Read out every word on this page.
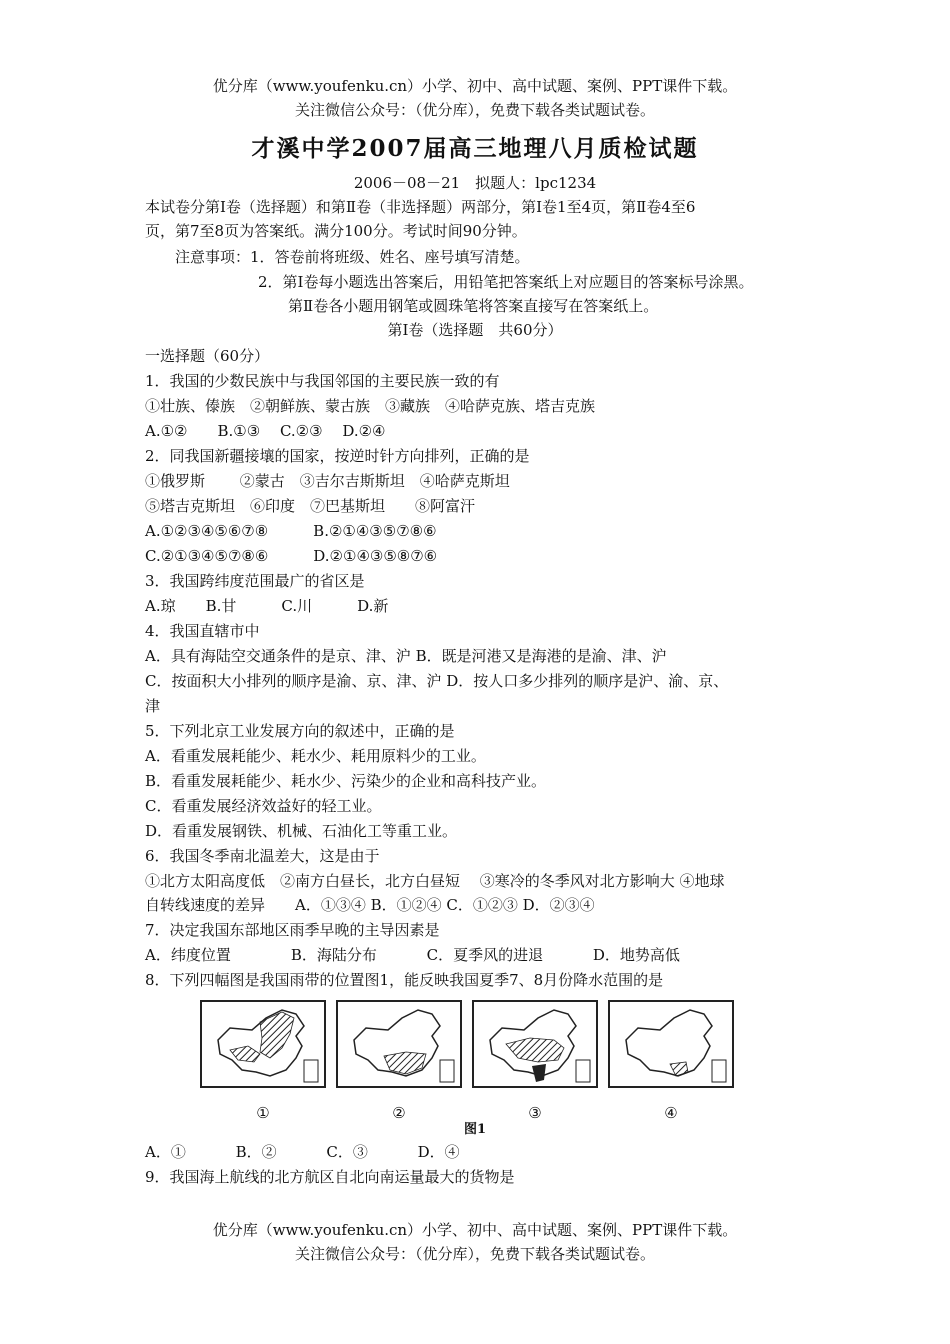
优分库（www.youfenku.cn）小学、初中、高中试题、案例、PPT课件下载。
关注微信公众号：（优分库），免费下载各类试题试卷。
才溪中学2007届高三地理八月质检试题
2006－08－21　拟题人：lpc1234
本试卷分第Ⅰ卷（选择题）和第Ⅱ卷（非选择题）两部分，第Ⅰ卷1至4页，第Ⅱ卷4至6
页，第7至8页为答案纸。满分100分。考试时间90分钟。
注意事项：1．答卷前将班级、姓名、座号填写清楚。
2．第Ⅰ卷每小题选出答案后，用铅笔把答案纸上对应题目的答案标号涂黑。
第Ⅱ卷各小题用钢笔或圆珠笔将答案直接写在答案纸上。
第Ⅰ卷（选择题　共60分）
一选择题（60分）
1．我国的少数民族中与我国邻国的主要民族一致的有
①壮族、傣族　②朝鲜族、蒙古族　③藏族　④哈萨克族、塔吉克族
A.①②　　B.①③　 C.②③　 D.②④
2．同我国新疆接壤的国家，按逆时针方向排列，正确的是
①俄罗斯　　 ②蒙古　③吉尔吉斯斯坦　④哈萨克斯坦
⑤塔吉克斯坦　⑥印度　⑦巴基斯坦　　⑧阿富汗
A.①②③④⑤⑥⑦⑧　　　B.②①④③⑤⑦⑧⑥
C.②①③④⑤⑦⑧⑥　　　D.②①④③⑤⑧⑦⑥
3．我国跨纬度范围最广的省区是
A.琼　　B.甘　　　C.川　　　D.新
4．我国直辖市中
A．具有海陆空交通条件的是京、津、沪 B．既是河港又是海港的是渝、津、沪
C．按面积大小排列的顺序是渝、京、津、沪 D．按人口多少排列的顺序是沪、渝、京、
津
5．下列北京工业发展方向的叙述中，正确的是
A．看重发展耗能少、耗水少、耗用原料少的工业。
B．看重发展耗能少、耗水少、污染少的企业和高科技产业。
C．看重发展经济效益好的轻工业。
D．看重发展钢铁、机械、石油化工等重工业。
6．我国冬季南北温差大，这是由于
①北方太阳高度低　②南方白昼长，北方白昼短　 ③寒冷的冬季风对北方影响大 ④地球
自转线速度的差异　　A．①③④ B．①②④ C．①②③ D．②③④
7．决定我国东部地区雨季早晚的主导因素是
A．纬度位置　　　　B．海陆分布　　　 C．夏季风的进退　　　 D．地势高低
8．下列四幅图是我国雨带的位置图1，能反映我国夏季7、8月份降水范围的是
①	②	③	④
图1
A．①　　　 B．②　　　 C．③　　　 D．④
9．我国海上航线的北方航区自北向南运量最大的货物是
优分库（www.youfenku.cn）小学、初中、高中试题、案例、PPT课件下载。
关注微信公众号：（优分库），免费下载各类试题试卷。
